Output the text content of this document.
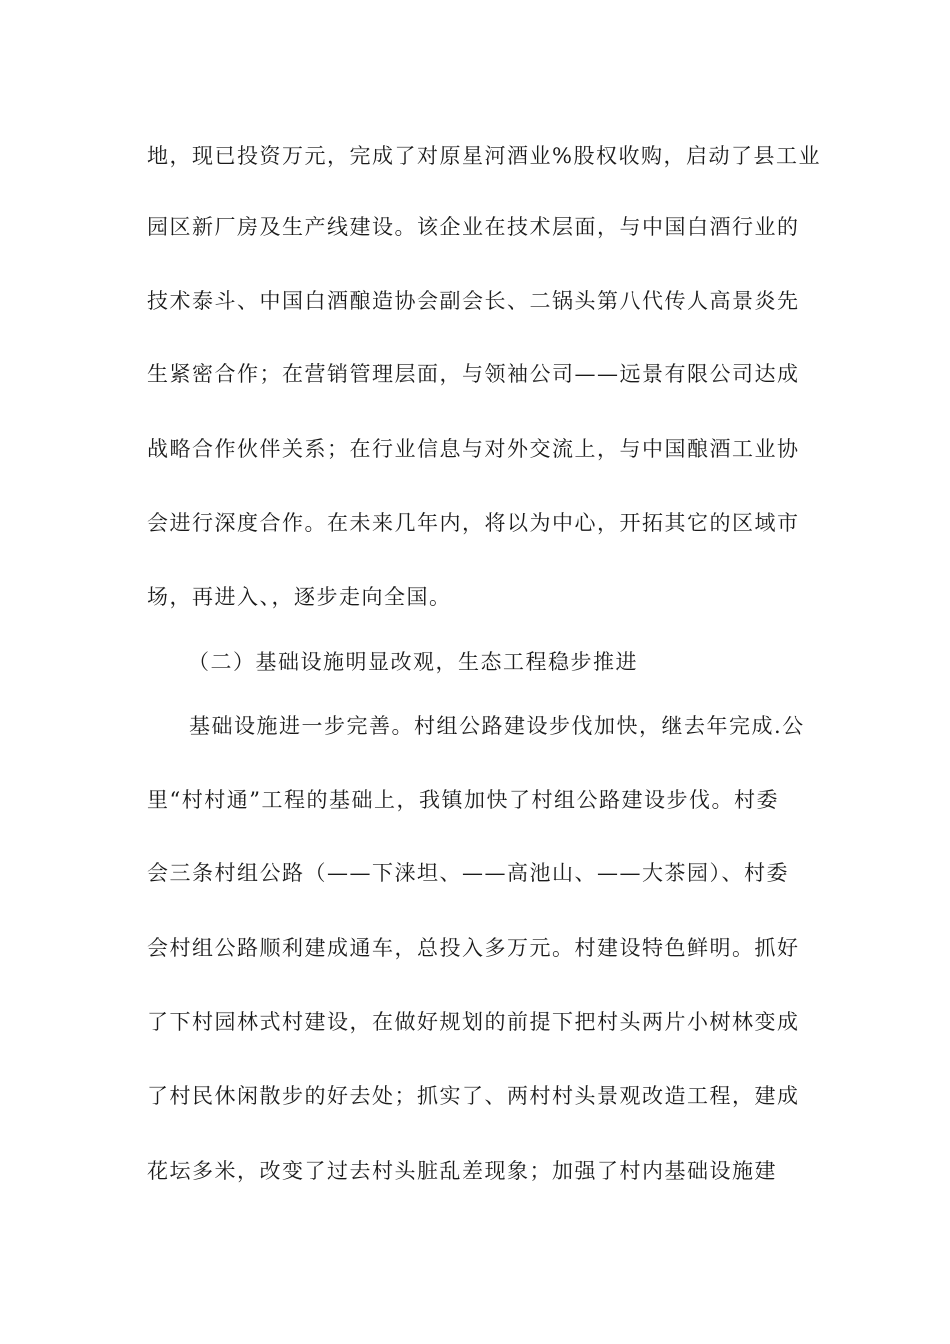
地，现已投资万元，完成了对原星河酒业%股权收购，启动了县工业
园区新厂房及生产线建设。该企业在技术层面，与中国白酒行业的
技术泰斗、中国白酒酿造协会副会长、二锅头第八代传人高景炎先
生紧密合作；在营销管理层面，与领袖公司——远景有限公司达成
战略合作伙伴关系；在行业信息与对外交流上，与中国酿酒工业协
会进行深度合作。在未来几年内，将以为中心，开拓其它的区域市
场，再进入、，逐步走向全国。
（二）基础设施明显改观，生态工程稳步推进
基础设施进一步完善。村组公路建设步伐加快，继去年完成.公
里“村村通”工程的基础上，我镇加快了村组公路建设步伐。村委
会三条村组公路（——下涞坦、——高池山、——大茶园）、村委
会村组公路顺利建成通车，总投入多万元。村建设特色鲜明。抓好
了下村园林式村建设，在做好规划的前提下把村头两片小树林变成
了村民休闲散步的好去处；抓实了、两村村头景观改造工程，建成
花坛多米，改变了过去村头脏乱差现象；加强了村内基础设施建
